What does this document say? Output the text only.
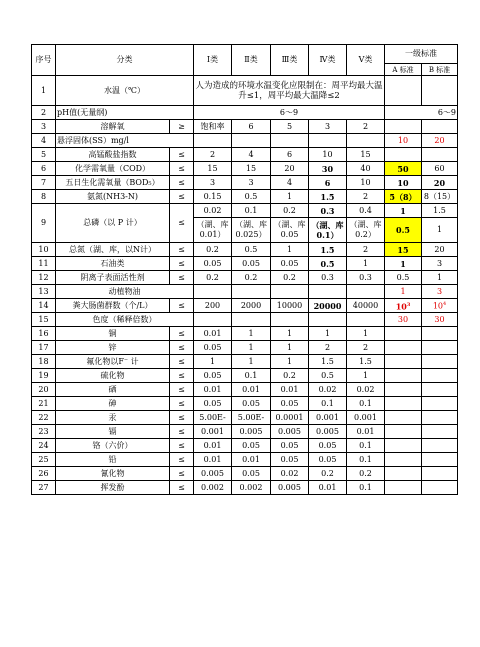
序号	分类		Ⅰ类	Ⅱ类	Ⅲ类	Ⅳ类	Ⅴ类	一级标准	
								A 标准	B 标准
1	水温（℃）		人为造成的环境水温变化应限制在：周平均最大温升≤1，周平均最大温降≤2						
2	pH值(无量纲)		6～9					6～9	
3	溶解氧	≥	饱和率	6	5	3	2		
4	悬浮固体(SS）mg/l							10	20
5	高锰酸盐指数	≤	2	4	6	10	15		
6	化学需氧量（COD）	≤	15	15	20	30	40	50	60
7	五日生化需氧量（BOD₅）	≤	3	3	4	6	10	10	20
8	氨氮(NH3-N)	≤	0.15	0.5	1	1.5	2	5（8）	8（15）
9	总磷（以 P 计）	≤	0.02	0.1	0.2	0.3	0.4	1	1.5
			（湖、库 0.01）	（湖、库 0.025）	（湖、库 0.05	（湖、库 0.1）	（湖、库 0.2）	0.5	1
10	总氮（湖、库，以N计）	≤	0.2	0.5	1	1.5	2	15	20
11	石油类	≤	0.05	0.05	0.05	0.5	1	1	3
12	阴离子表面活性剂	≤	0.2	0.2	0.2	0.3	0.3	0.5	1
13	动植物油							1	3
14	粪大肠菌群数（个/L）	≤	200	2000	10000	20000	40000	$10^3$	$10^4$
15	色度（稀释倍数）							30	30
16	铜	≤	0.01	1	1	1	1		
17	锌	≤	0.05	1	1	2	2		
18	氟化物以F⁻ 计	≤	1	1	1	1.5	1.5		
19	硫化物	≤	0.05	0.1	0.2	0.5	1		
20	硒	≤	0.01	0.01	0.01	0.02	0.02		
21	砷	≤	0.05	0.05	0.05	0.1	0.1		
22	汞	≤	5.00E-	5.00E-	0.0001	0.001	0.001		
23	镉	≤	0.001	0.005	0.005	0.005	0.01		
24	铬（六价）	≤	0.01	0.05	0.05	0.05	0.1		
25	铅	≤	0.01	0.01	0.05	0.05	0.1		
26	氰化物	≤	0.005	0.05	0.02	0.2	0.2		
27	挥发酚	≤	0.002	0.002	0.005	0.01	0.1		
